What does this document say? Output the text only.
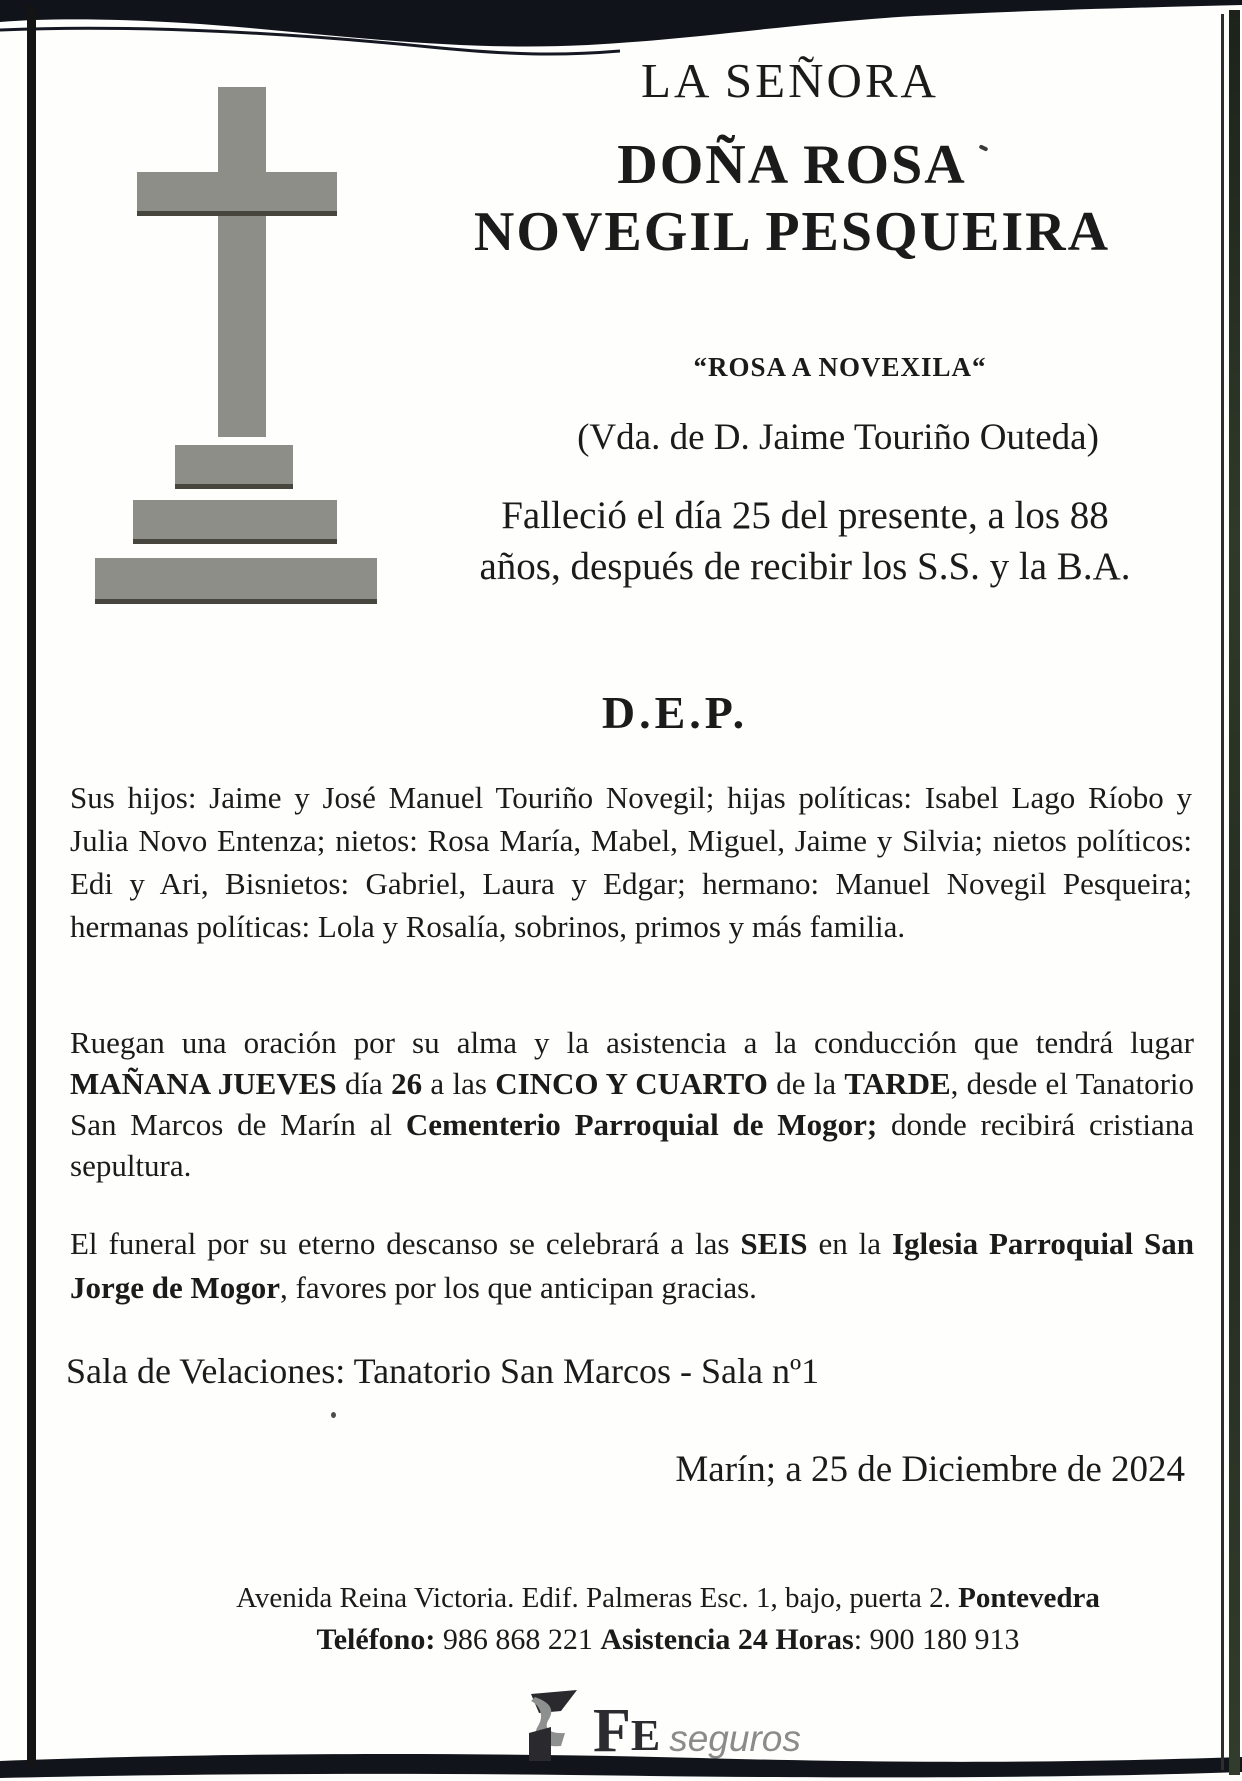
LA SEÑORA
DOÑA ROSA
NOVEGIL PESQUEIRA
“ROSA A NOVEXILA“
(Vda. de D. Jaime Touriño Outeda)
Falleció el día 25 del presente, a los 88
años, después de recibir los S.S. y la B.A.
D.E.P.
Sus hijos: Jaime y José Manuel Touriño Novegil; hijas políticas: Isabel Lago Ríobo y Julia Novo Entenza; nietos: Rosa María, Mabel, Miguel, Jaime y Silvia; nietos políticos: Edi y Ari, Bisnietos: Gabriel, Laura y Edgar; hermano: Manuel Novegil Pesqueira; hermanas políticas: Lola y Rosalía, sobrinos, primos y más familia.
Ruegan una oración por su alma y la asistencia a la conducción que tendrá lugar MAÑANA JUEVES día 26 a las CINCO Y CUARTO de la TARDE, desde el Tanatorio San Marcos de Marín al Cementerio Parroquial de Mogor; donde recibirá cristiana sepultura.
El funeral por su eterno descanso se celebrará a las SEIS en la Iglesia Parroquial San Jorge de Mogor, favores por los que anticipan gracias.
Sala de Velaciones: Tanatorio San Marcos - Sala nº1
Marín; a 25 de Diciembre de 2024
Avenida Reina Victoria. Edif. Palmeras Esc. 1, bajo, puerta 2. Pontevedra
Teléfono: 986 868 221 Asistencia 24 Horas: 900 180 913
F E seguros
